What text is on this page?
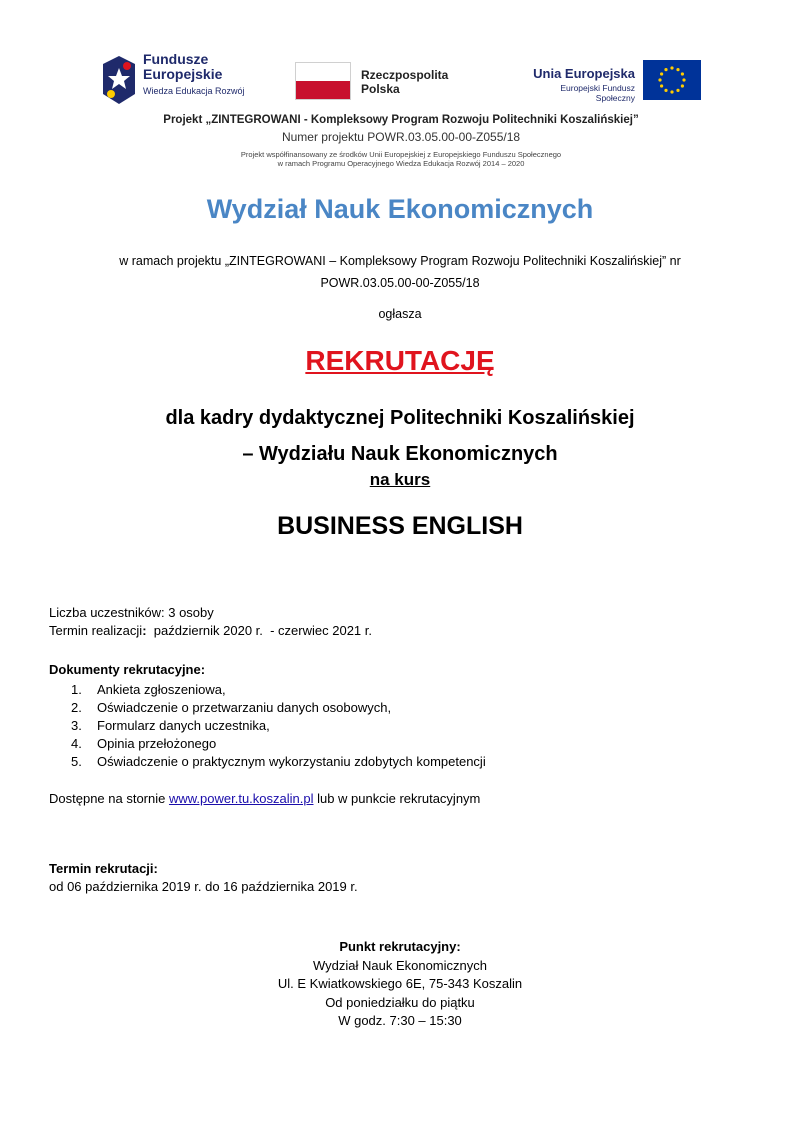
Fundusze
Europejskie
Wiedza Edukacja Rozwój
Rzeczpospolita
Polska
Unia Europejska
Europejski Fundusz Społeczny
Projekt „ZINTEGROWANI - Kompleksowy Program Rozwoju Politechniki Koszalińskiej”
Numer projektu POWR.03.05.00-00-Z055/18
Projekt współfinansowany ze środków Unii Europejskiej z Europejskiego Funduszu Społecznego
w ramach Programu Operacyjnego Wiedza Edukacja Rozwój 2014 – 2020
Wydział Nauk Ekonomicznych
w ramach projektu „ZINTEGROWANI – Kompleksowy Program Rozwoju Politechniki Koszalińskiej” nr POWR.03.05.00-00-Z055/18
ogłasza
REKRUTACJĘ
dla kadry dydaktycznej Politechniki Koszalińskiej
– Wydziału Nauk Ekonomicznych
na kurs
BUSINESS ENGLISH
Liczba uczestników: 3 osoby
Termin realizacji:  październik 2020 r.  - czerwiec 2021 r.
Dokumenty rekrutacyjne:
1. Ankieta zgłoszeniowa,
2. Oświadczenie o przetwarzaniu danych osobowych,
3. Formularz danych uczestnika,
4. Opinia przełożonego
5. Oświadczenie o praktycznym wykorzystaniu zdobytych kompetencji
Dostępne na stornie www.power.tu.koszalin.pl lub w punkcie rekrutacyjnym
Termin rekrutacji:
od 06 października 2019 r. do 16 października 2019 r.
Punkt rekrutacyjny:
Wydział Nauk Ekonomicznych
Ul. E Kwiatkowskiego 6E, 75-343 Koszalin
Od poniedziałku do piątku
W godz. 7:30 – 15:30
